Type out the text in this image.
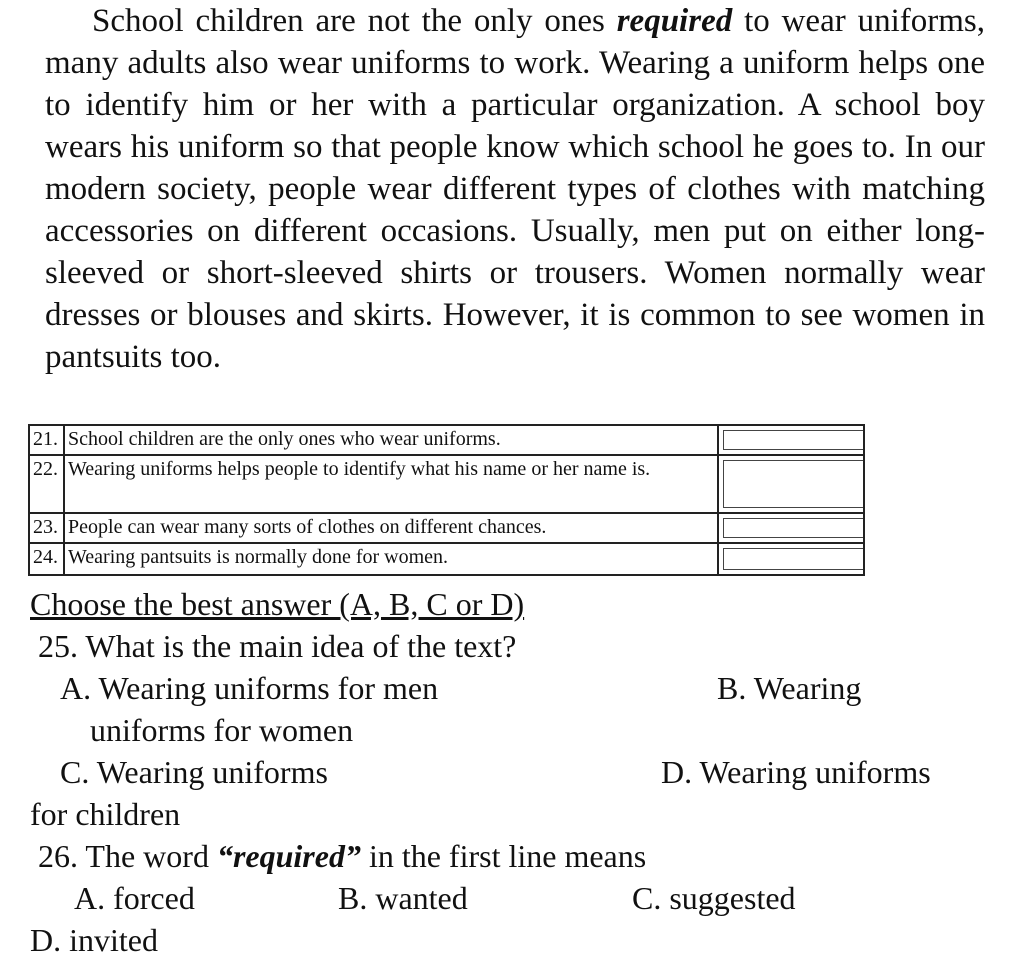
School children are not the only ones required to wear uniforms, many adults also wear uniforms to work. Wearing a uniform helps one to identify him or her with a particular organization. A school boy wears his uniform so that people know which school he goes to. In our modern society, people wear different types of clothes with matching accessories on different occasions. Usually, men put on either long-sleeved or short-sleeved shirts or trousers. Women normally wear dresses or blouses and skirts. However, it is common to see women in pantsuits too.

21.	School children are the only ones who wear uniforms.	

22.	Wearing uniforms helps people to identify what his name or her name is.	

23.	People can wear many sorts of clothes on different chances.	

24.	Wearing pantsuits is normally done for women.	
Choose the best answer (A, B, C or D)
25. What is the main idea of the text?
A. Wearing uniforms for men	B. Wearing
uniforms for women
C. Wearing uniforms	D. Wearing uniforms
for children
26. The word “required” in the first line means
A. forced	B. wanted	C. suggested
D. invited
